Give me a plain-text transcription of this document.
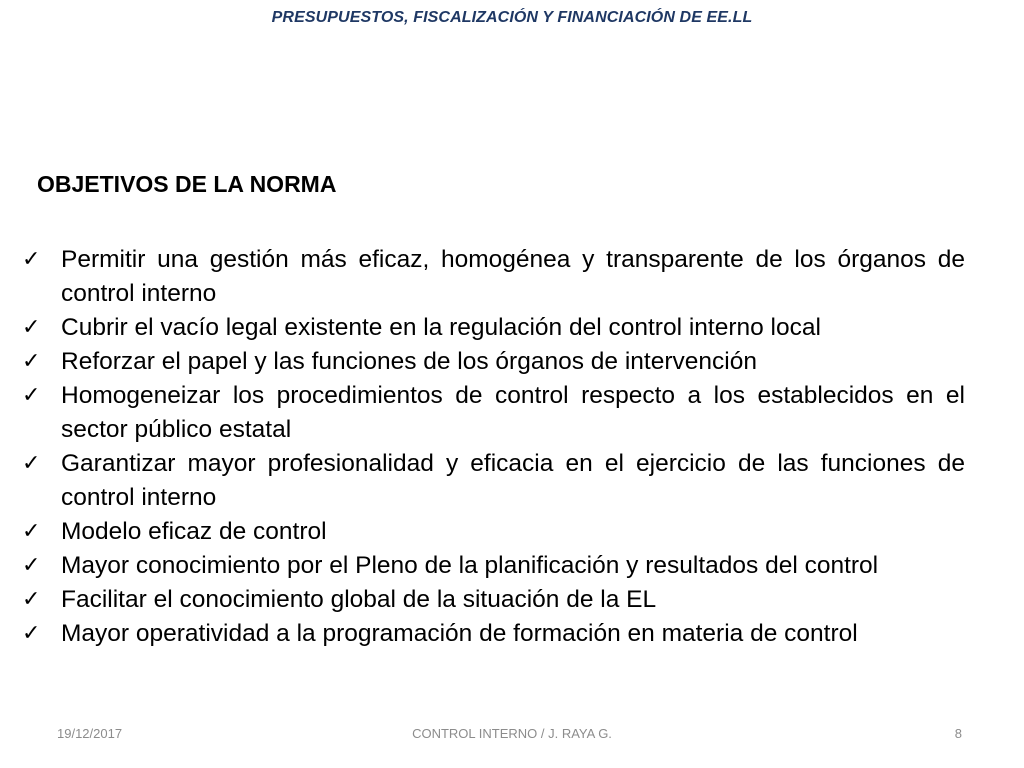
PRESUPUESTOS, FISCALIZACIÓN Y FINANCIACIÓN DE EE.LL
OBJETIVOS DE LA NORMA
✓ Permitir una gestión más eficaz, homogénea y transparente de los órganos de control interno
✓ Cubrir el vacío legal existente en la regulación del control interno local
✓ Reforzar el papel y las funciones de los órganos de intervención
✓ Homogeneizar los procedimientos de control respecto a los establecidos en el sector público estatal
✓ Garantizar mayor profesionalidad y eficacia en el ejercicio de las funciones de control interno
✓ Modelo eficaz de control
✓ Mayor conocimiento por el Pleno de la planificación y resultados del control
✓ Facilitar el conocimiento global de la situación de la EL
✓ Mayor operatividad a la programación de formación en materia de control
19/12/2017	CONTROL INTERNO / J. RAYA G.	8
